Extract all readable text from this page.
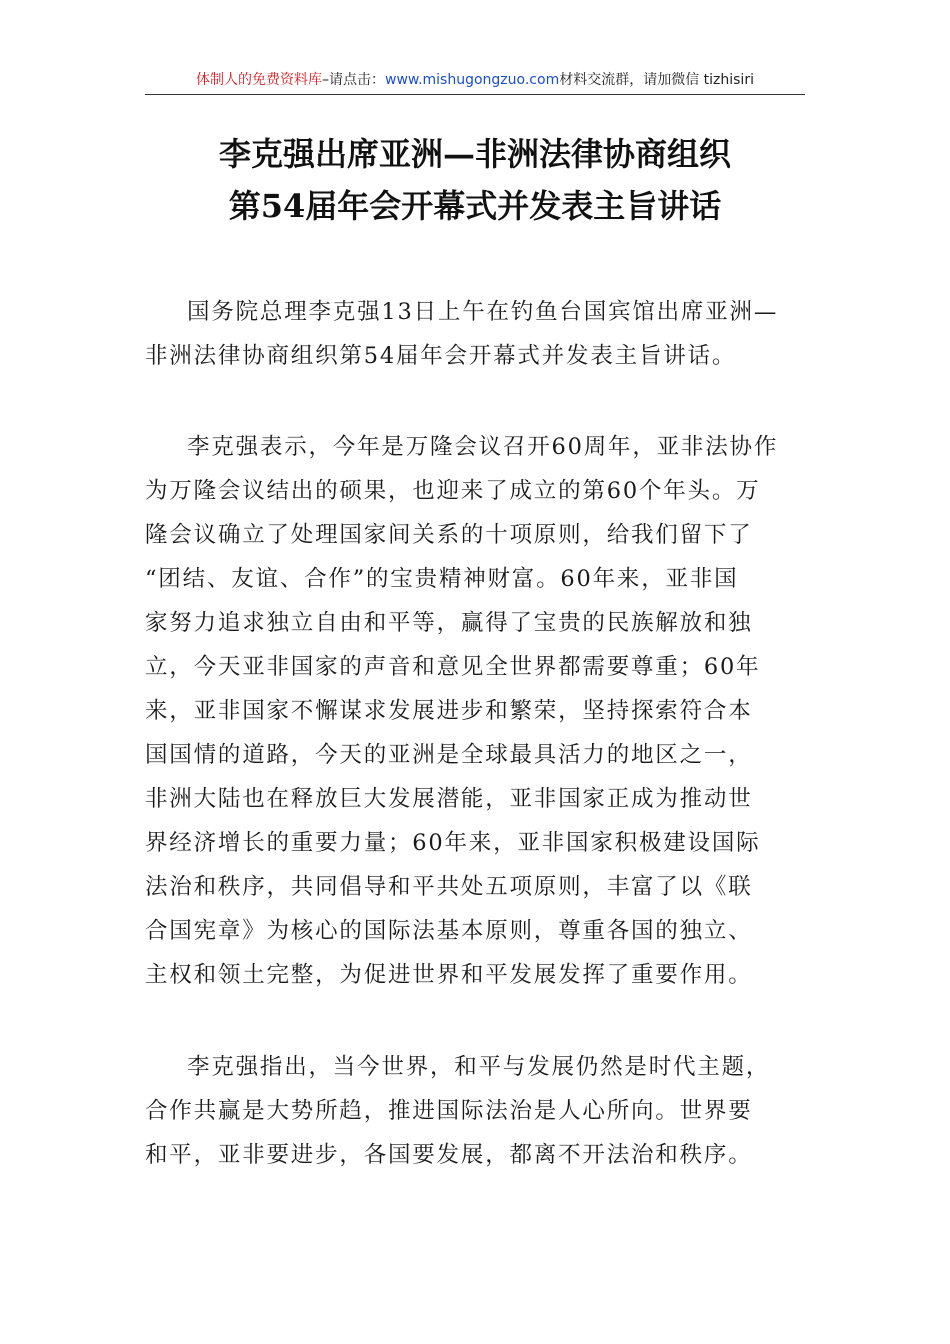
体制人的免费资料库–请点击：www.mishugongzuo.com材料交流群，请加微信 tizhisiri
李克强出席亚洲—非洲法律协商组织
第54届年会开幕式并发表主旨讲话
国务院总理李克强13日上午在钓鱼台国宾馆出席亚洲—
非洲法律协商组织第54届年会开幕式并发表主旨讲话。
李克强表示，今年是万隆会议召开60周年，亚非法协作
为万隆会议结出的硕果，也迎来了成立的第60个年头。万
隆会议确立了处理国家间关系的十项原则，给我们留下了
“团结、友谊、合作”的宝贵精神财富。60年来，亚非国
家努力追求独立自由和平等，赢得了宝贵的民族解放和独
立，今天亚非国家的声音和意见全世界都需要尊重；60年
来，亚非国家不懈谋求发展进步和繁荣，坚持探索符合本
国国情的道路，今天的亚洲是全球最具活力的地区之一，
非洲大陆也在释放巨大发展潜能，亚非国家正成为推动世
界经济增长的重要力量；60年来，亚非国家积极建设国际
法治和秩序，共同倡导和平共处五项原则，丰富了以《联
合国宪章》为核心的国际法基本原则，尊重各国的独立、
主权和领土完整，为促进世界和平发展发挥了重要作用。
李克强指出，当今世界，和平与发展仍然是时代主题，
合作共赢是大势所趋，推进国际法治是人心所向。世界要
和平，亚非要进步，各国要发展，都离不开法治和秩序。
